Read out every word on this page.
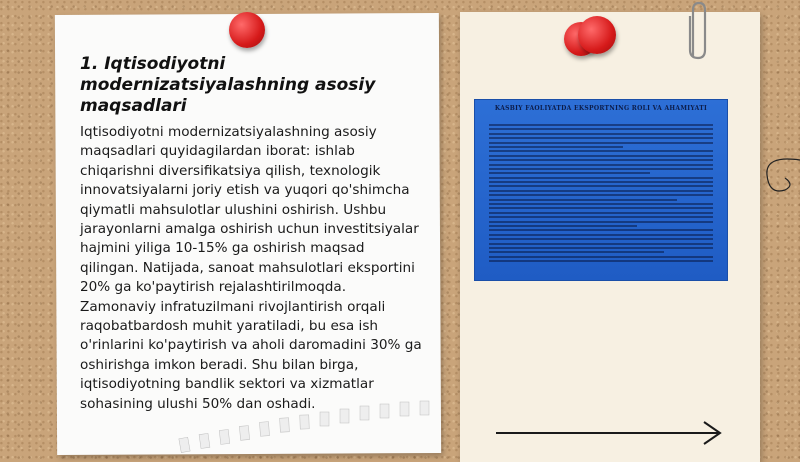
1. Iqtisodiyotni modernizatsiyalashning asosiy maqsadlari

Iqtisodiyotni modernizatsiyalashning asosiy maqsadlari quyidagilardan iborat: ishlab chiqarishni diversifikatsiya qilish, texnologik innovatsiyalarni joriy etish va yuqori qo'shimcha qiymatli mahsulotlar ulushini oshirish. Ushbu jarayonlarni amalga oshirish uchun investitsiyalar hajmini yiliga 10-15% ga oshirish maqsad qilingan. Natijada, sanoat mahsulotlari eksportini 20% ga ko'paytirish rejalashtirilmoqda. Zamonaviy infratuzilmani rivojlantirish orqali raqobatbardosh muhit yaratiladi, bu esa ish o'rinlarini ko'paytirish va aholi daromadini 30% ga oshirishga imkon beradi. Shu bilan birga, iqtisodiyotning bandlik sektori va xizmatlar sohasining ulushi 50% dan oshadi.

KASBIY FAOLIYATDA EKSPORTNING ROLI VA AHAMIYATI
